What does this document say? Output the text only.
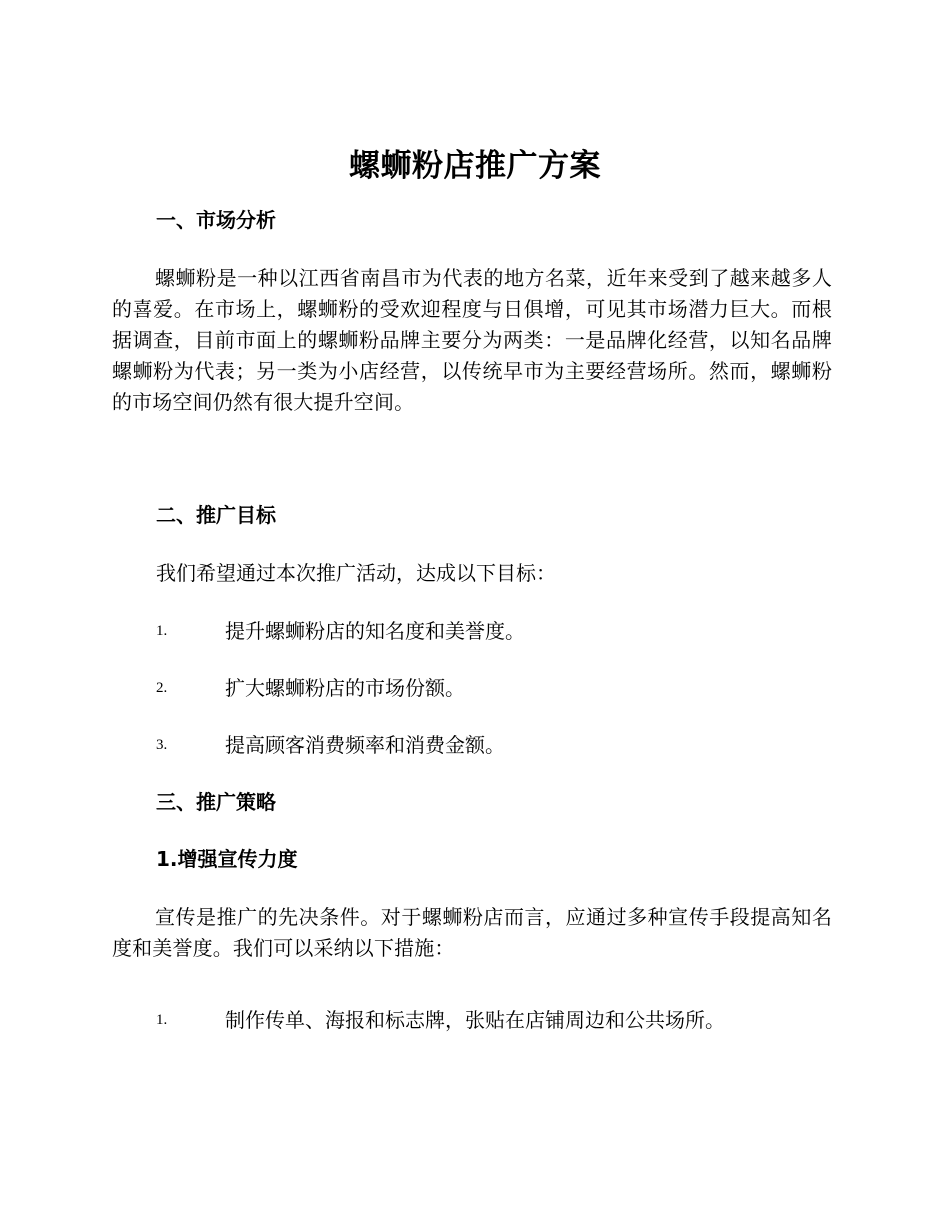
螺蛳粉店推广方案
一、市场分析

螺蛳粉是一种以江西省南昌市为代表的地方名菜，近年来受到了越来越多人的喜爱。在市场上，螺蛳粉的受欢迎程度与日俱增，可见其市场潜力巨大。而根据调查，目前市面上的螺蛳粉品牌主要分为两类：一是品牌化经营，以知名品牌螺蛳粉为代表；另一类为小店经营，以传统早市为主要经营场所。然而，螺蛳粉的市场空间仍然有很大提升空间。

二、推广目标

我们希望通过本次推广活动，达成以下目标：

1.	提升螺蛳粉店的知名度和美誉度。
2.	扩大螺蛳粉店的市场份额。
3.	提高顾客消费频率和消费金额。
三、推广策略
1.增强宣传力度

宣传是推广的先决条件。对于螺蛳粉店而言，应通过多种宣传手段提高知名度和美誉度。我们可以采纳以下措施：

1.	制作传单、海报和标志牌，张贴在店铺周边和公共场所。
